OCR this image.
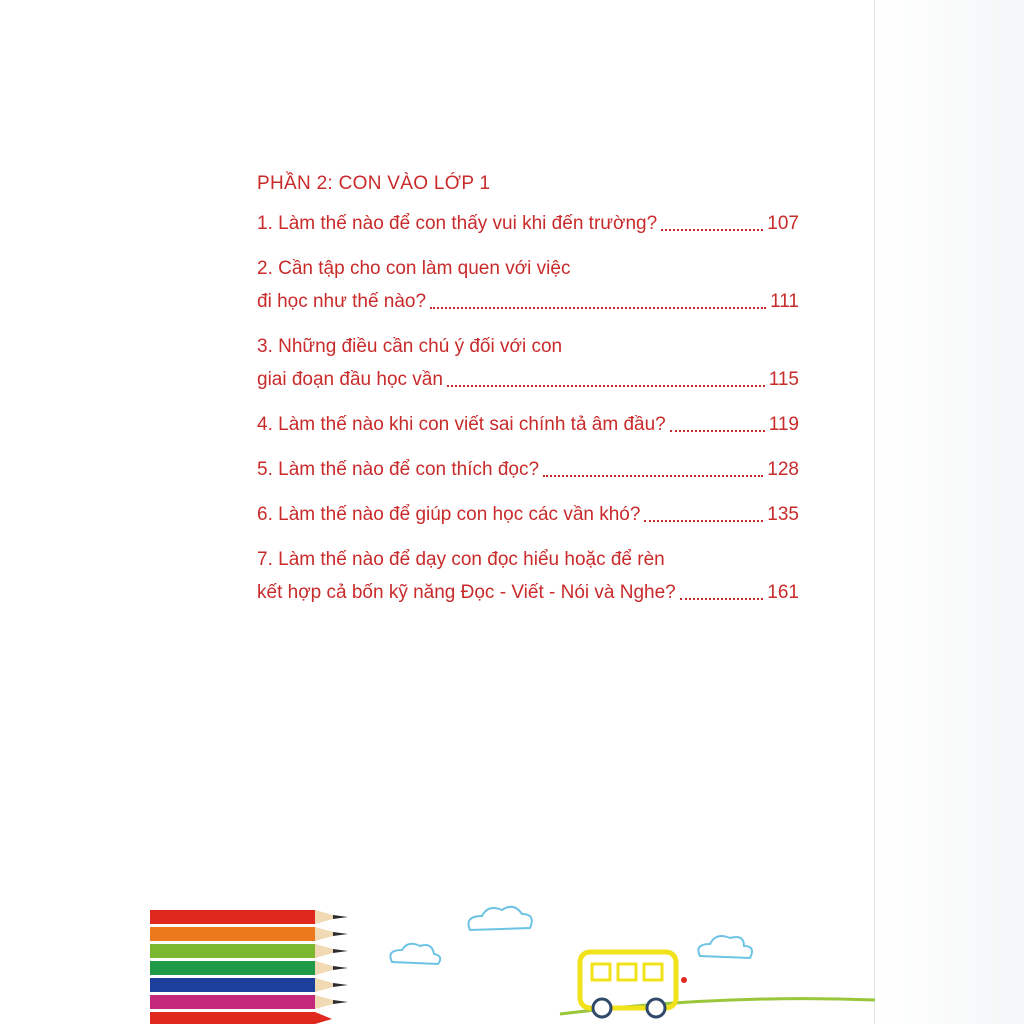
PHẦN 2: CON VÀO LỚP 1
1. Làm thế nào để con thấy vui khi đến trường?	107
2. Cần tập cho con làm quen với việc
đi học như thế nào?	111
3. Những điều cần chú ý đối với con
giai đoạn đầu học vần	115
4. Làm thế nào khi con viết sai chính tả âm đầu?	119
5. Làm thế nào để con thích đọc?	128
6. Làm thế nào để giúp con học các vần khó?	135
7. Làm thế nào để dạy con đọc hiểu hoặc để rèn
kết hợp cả bốn kỹ năng Đọc - Viết - Nói và Nghe?	161
